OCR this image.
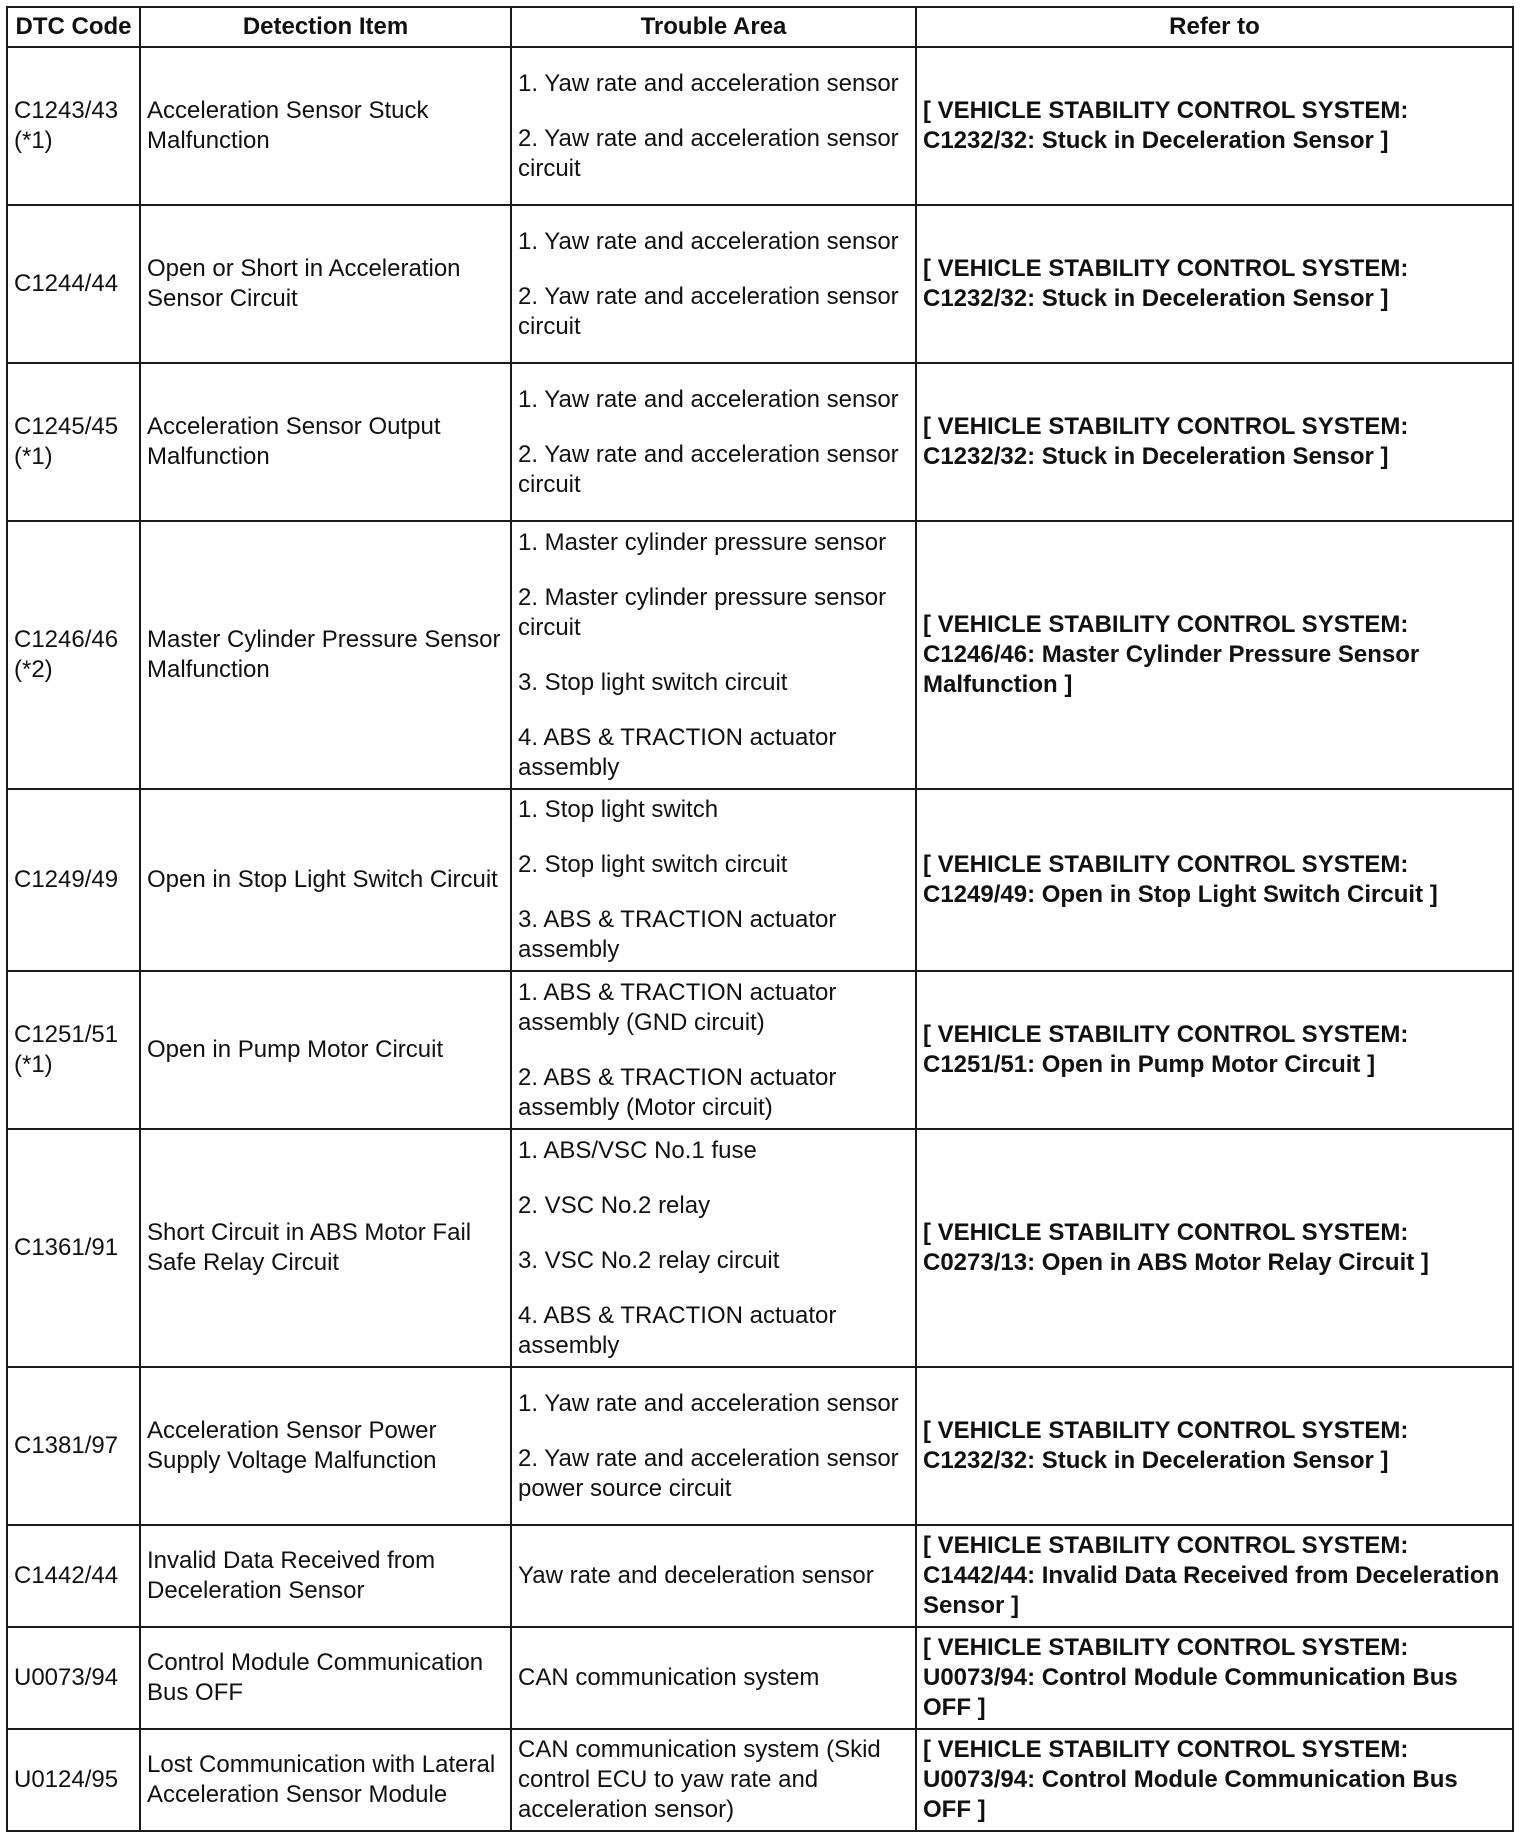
DTC Code	Detection Item	Trouble Area	Refer to

C1243/43
(*1)	Acceleration Sensor Stuck Malfunction	1. Yaw rate and acceleration sensor
2. Yaw rate and acceleration sensor circuit	[ VEHICLE STABILITY CONTROL SYSTEM:
C1232/32: Stuck in Deceleration Sensor ]

C1244/44	Open or Short in Acceleration Sensor Circuit	1. Yaw rate and acceleration sensor
2. Yaw rate and acceleration sensor circuit	[ VEHICLE STABILITY CONTROL SYSTEM:
C1232/32: Stuck in Deceleration Sensor ]

C1245/45
(*1)	Acceleration Sensor Output Malfunction	1. Yaw rate and acceleration sensor
2. Yaw rate and acceleration sensor circuit	[ VEHICLE STABILITY CONTROL SYSTEM:
C1232/32: Stuck in Deceleration Sensor ]

C1246/46
(*2)	Master Cylinder Pressure Sensor Malfunction	1. Master cylinder pressure sensor
2. Master cylinder pressure sensor circuit
3. Stop light switch circuit
4. ABS & TRACTION actuator assembly	[ VEHICLE STABILITY CONTROL SYSTEM:
C1246/46: Master Cylinder Pressure Sensor Malfunction ]

C1249/49	Open in Stop Light Switch Circuit	1. Stop light switch
2. Stop light switch circuit
3. ABS & TRACTION actuator assembly	[ VEHICLE STABILITY CONTROL SYSTEM:
C1249/49: Open in Stop Light Switch Circuit ]

C1251/51
(*1)	Open in Pump Motor Circuit	1. ABS & TRACTION actuator assembly (GND circuit)
2. ABS & TRACTION actuator assembly (Motor circuit)	[ VEHICLE STABILITY CONTROL SYSTEM:
C1251/51: Open in Pump Motor Circuit ]

C1361/91	Short Circuit in ABS Motor Fail Safe Relay Circuit	1. ABS/VSC No.1 fuse
2. VSC No.2 relay
3. VSC No.2 relay circuit
4. ABS & TRACTION actuator assembly	[ VEHICLE STABILITY CONTROL SYSTEM:
C0273/13: Open in ABS Motor Relay Circuit ]

C1381/97	Acceleration Sensor Power Supply Voltage Malfunction	1. Yaw rate and acceleration sensor
2. Yaw rate and acceleration sensor power source circuit	[ VEHICLE STABILITY CONTROL SYSTEM:
C1232/32: Stuck in Deceleration Sensor ]

C1442/44	Invalid Data Received from Deceleration Sensor	Yaw rate and deceleration sensor	[ VEHICLE STABILITY CONTROL SYSTEM:
C1442/44: Invalid Data Received from Deceleration Sensor ]

U0073/94	Control Module Communication Bus OFF	CAN communication system	[ VEHICLE STABILITY CONTROL SYSTEM:
U0073/94: Control Module Communication Bus OFF ]

U0124/95	Lost Communication with Lateral Acceleration Sensor Module	CAN communication system (Skid control ECU to yaw rate and acceleration sensor)	[ VEHICLE STABILITY CONTROL SYSTEM:
U0073/94: Control Module Communication Bus OFF ]
